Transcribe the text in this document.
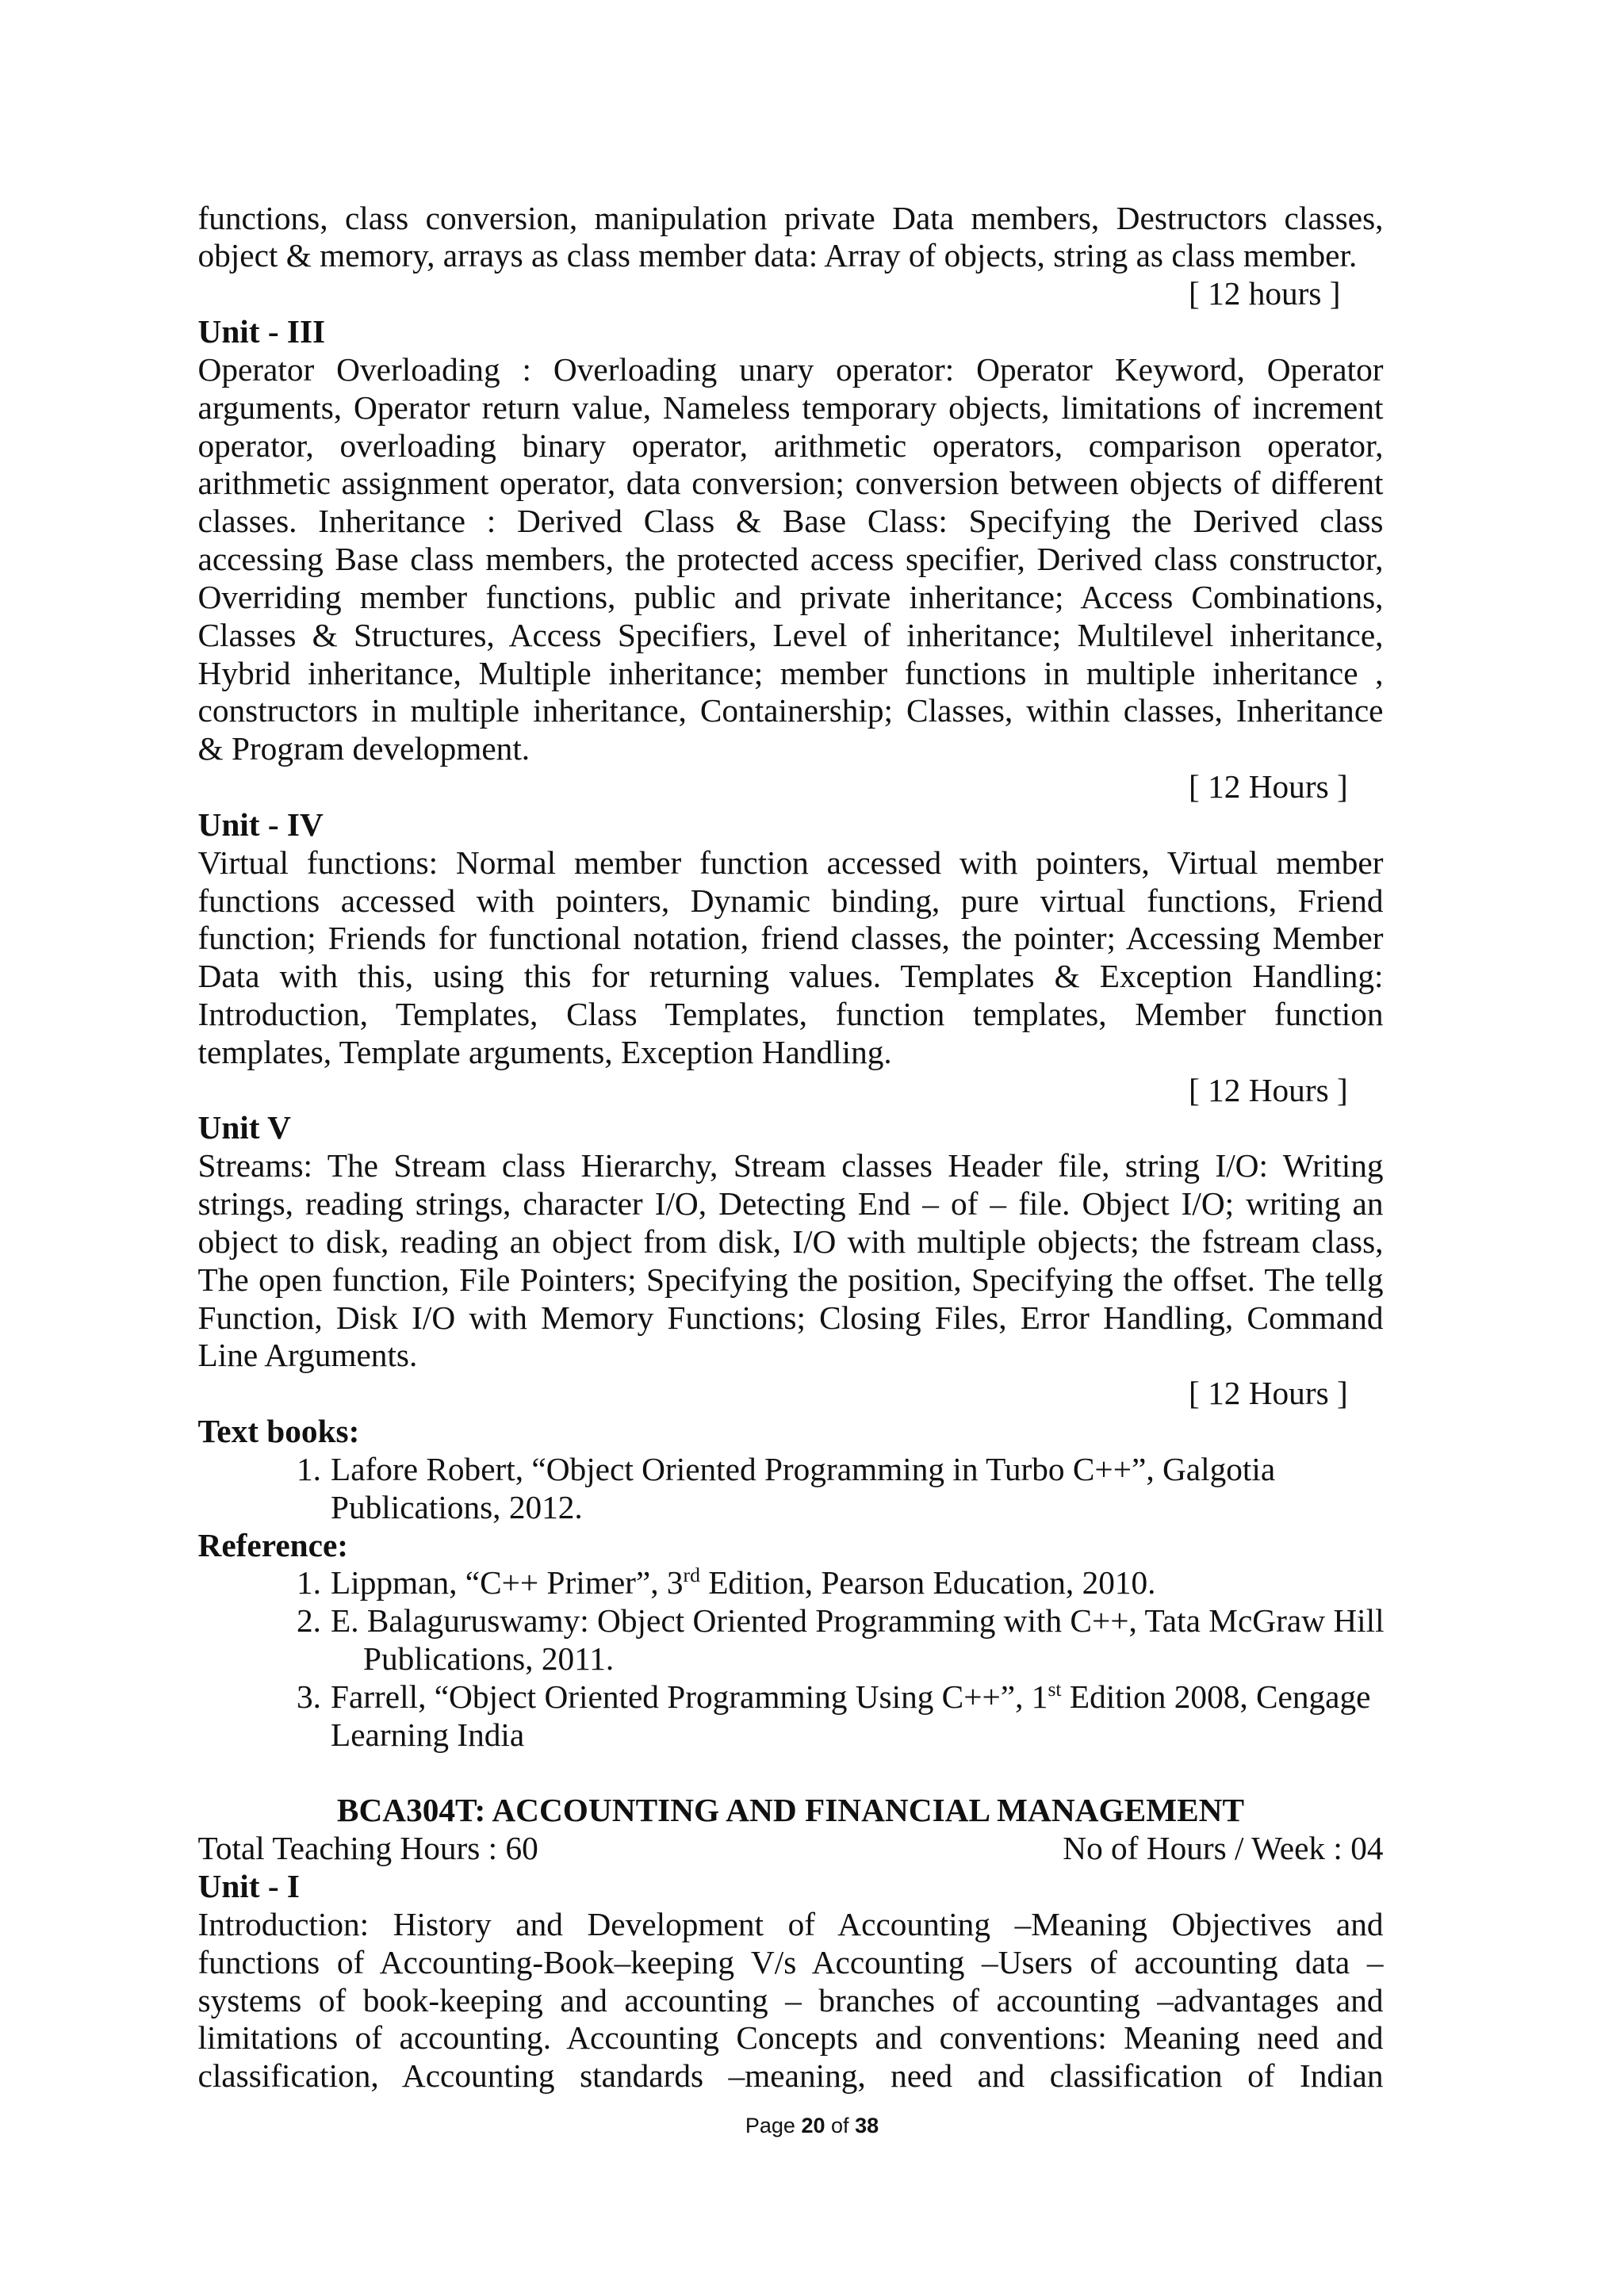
functions, class conversion, manipulation private Data members, Destructors classes,
object & memory, arrays as class member data: Array of objects, string as class member.
[ 12 hours ]
Unit - III
Operator Overloading : Overloading unary operator: Operator Keyword, Operator
arguments, Operator return value, Nameless temporary objects, limitations of increment
operator, overloading binary operator, arithmetic operators, comparison operator,
arithmetic assignment operator, data conversion; conversion between objects of different
classes. Inheritance : Derived Class & Base Class: Specifying the Derived class
accessing Base class members, the protected access specifier, Derived class constructor,
Overriding member functions, public and private inheritance; Access Combinations,
Classes & Structures, Access Specifiers, Level of inheritance; Multilevel inheritance,
Hybrid inheritance, Multiple inheritance; member functions in multiple inheritance ,
constructors in multiple inheritance, Containership; Classes, within classes, Inheritance
& Program development.
[ 12 Hours ]
Unit - IV
Virtual functions: Normal member function accessed with pointers, Virtual member
functions accessed with pointers, Dynamic binding, pure virtual functions, Friend
function; Friends for functional notation, friend classes, the pointer; Accessing Member
Data with this, using this for returning values. Templates & Exception Handling:
Introduction, Templates, Class Templates, function templates, Member function
templates, Template arguments, Exception Handling.
[ 12 Hours ]
Unit V
Streams: The Stream class Hierarchy, Stream classes Header file, string I/O: Writing
strings, reading strings, character I/O, Detecting End – of – file. Object I/O; writing an
object to disk, reading an object from disk, I/O with multiple objects; the fstream class,
The open function, File Pointers; Specifying the position, Specifying the offset. The tellg
Function, Disk I/O with Memory Functions; Closing Files, Error Handling, Command
Line Arguments.
[ 12 Hours ]
Text books:
1. Lafore Robert, “Object Oriented Programming in Turbo C++”, Galgotia
Publications, 2012.
Reference:
1. Lippman, “C++ Primer”, 3rd Edition, Pearson Education, 2010.
2. E. Balaguruswamy: Object Oriented Programming with C++, Tata McGraw Hill
Publications, 2011.
3. Farrell, “Object Oriented Programming Using C++”, 1st Edition 2008, Cengage
Learning India
BCA304T: ACCOUNTING AND FINANCIAL MANAGEMENT
Total Teaching Hours : 60	No of Hours / Week : 04
Unit - I
Introduction: History and Development of Accounting –Meaning Objectives and
functions of Accounting-Book–keeping V/s Accounting –Users of accounting data –
systems of book-keeping and accounting – branches of accounting –advantages and
limitations of accounting. Accounting Concepts and conventions: Meaning need and
classification, Accounting standards –meaning, need and classification of Indian
Page 20 of 38
